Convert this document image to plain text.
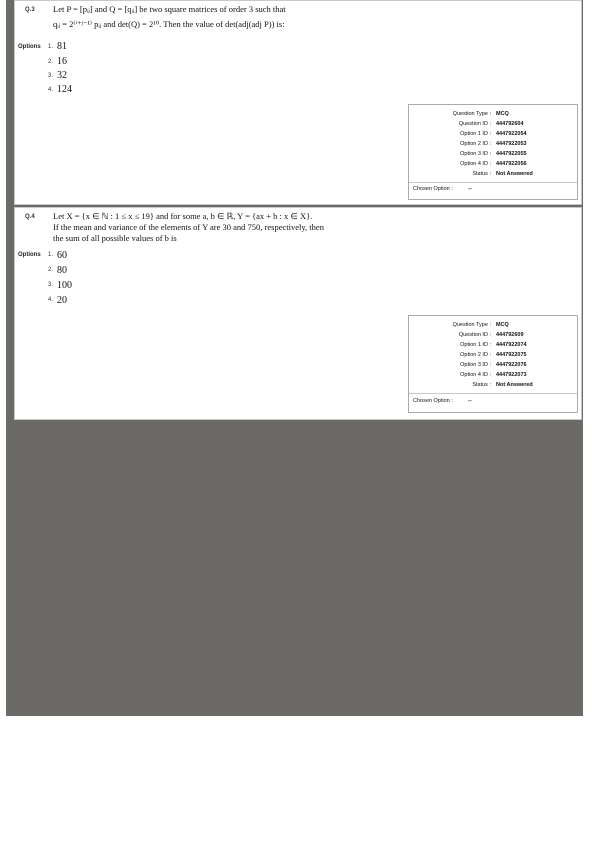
Q.3 Let P = [pᵢⱼ] and Q = [qᵢⱼ] be two square matrices of order 3 such that
qᵢⱼ = 2⁽ⁱ⁺ʲ⁻¹⁾ pᵢⱼ and det(Q) = 2¹⁰. Then the value of det(adj(adj P)) is:
Options 1. 81
2. 16
3. 32
4. 124
Question Type : MCQ
Question ID : 444792604
Option 1 ID : 4447922054
Option 2 ID : 4447922053
Option 3 ID : 4447922055
Option 4 ID : 4447922056
Status : Not Answered
Chosen Option :	--
Q.4 Let X = {x ∈ ℕ : 1 ≤ x ≤ 19} and for some a, b ∈ ℝ, Y = {ax + b : x ∈ X}.
If the mean and variance of the elements of Y are 30 and 750, respectively, then
the sum of all possible values of b is
Options 1. 60
2. 80
3. 100
4. 20
Question Type : MCQ
Question ID : 444792609
Option 1 ID : 4447922074
Option 2 ID : 4447922075
Option 3 ID : 4447922076
Option 4 ID : 4447922073
Status : Not Answered
Chosen Option :	--
